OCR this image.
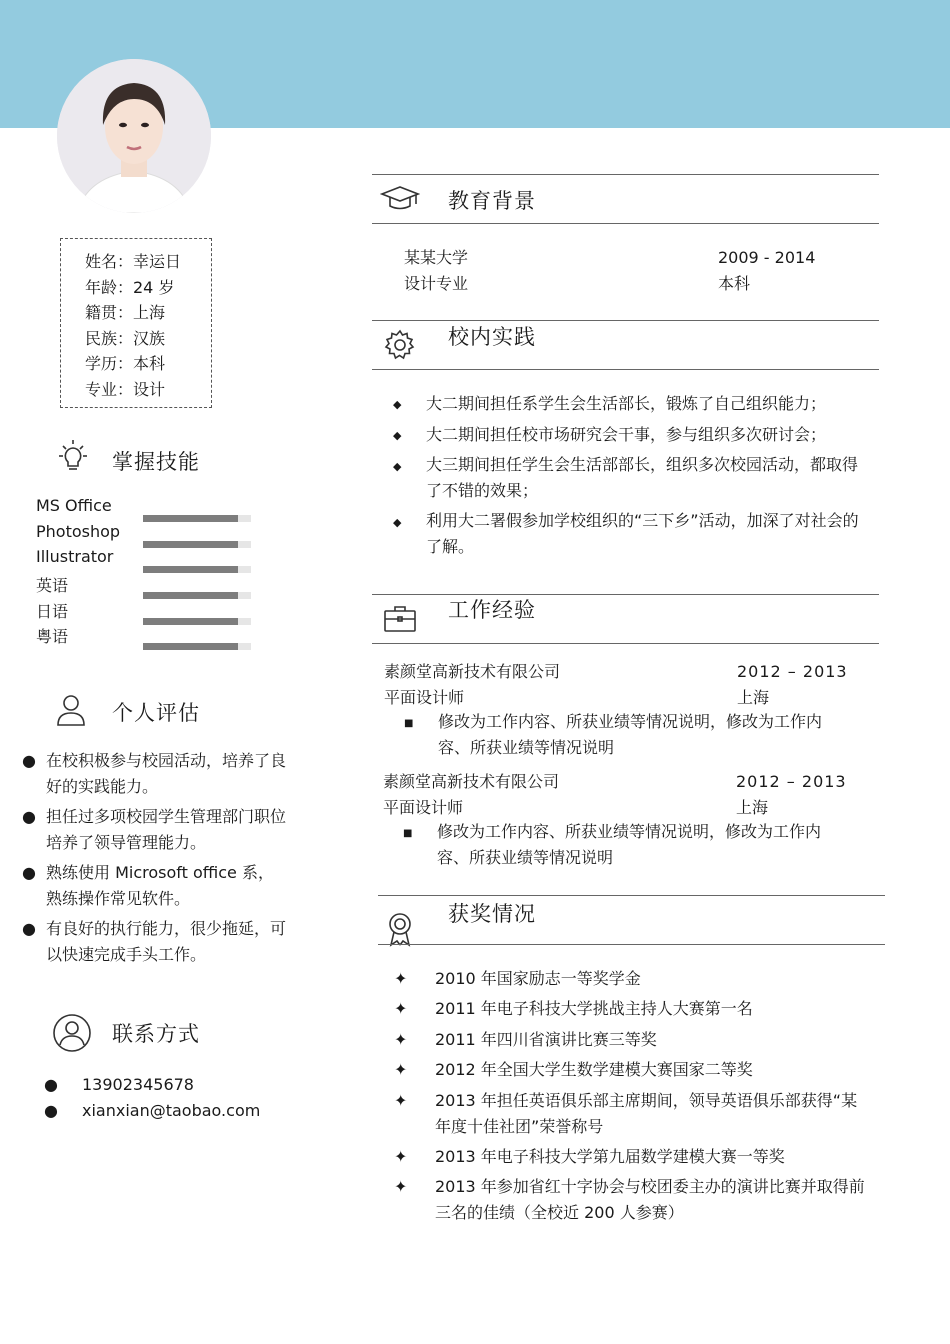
姓名：幸运日
年龄：24 岁
籍贯：上海
民族：汉族
学历：本科
专业：设计
掌握技能
MS Office
Photoshop
Illustrator
英语
日语
粤语
个人评估
● 在校积极参与校园活动，培养了良好的实践能力。
● 担任过多项校园学生管理部门职位培养了领导管理能力。
● 熟练使用 Microsoft office 系，熟练操作常见软件。
● 有良好的执行能力，很少拖延，可以快速完成手头工作。
联系方式
● 13902345678
● xianxian@taobao.com
教育背景
某某大学	2009 - 2014
设计专业	本科
校内实践
◆ 大二期间担任系学生会生活部长，锻炼了自己组织能力；
◆ 大二期间担任校市场研究会干事，参与组织多次研讨会；
◆ 大三期间担任学生会生活部部长，组织多次校园活动，都取得了不错的效果；
◆ 利用大二署假参加学校组织的“三下乡”活动，加深了对社会的了解。
工作经验
素颜堂高新技术有限公司	2012 – 2013
平面设计师	上海
■ 修改为工作内容、所获业绩等情况说明，修改为工作内容、所获业绩等情况说明
素颜堂高新技术有限公司	2012 – 2013
平面设计师	上海
■ 修改为工作内容、所获业绩等情况说明，修改为工作内容、所获业绩等情况说明
获奖情况
✦ 2010 年国家励志一等奖学金
✦ 2011 年电子科技大学挑战主持人大赛第一名
✦ 2011 年四川省演讲比赛三等奖
✦ 2012 年全国大学生数学建模大赛国家二等奖
✦ 2013 年担任英语俱乐部主席期间，领导英语俱乐部获得“某年度十佳社团”荣誉称号
✦ 2013 年电子科技大学第九届数学建模大赛一等奖
✦ 2013 年参加省红十字协会与校团委主办的演讲比赛并取得前三名的佳绩（全校近 200 人参赛）
